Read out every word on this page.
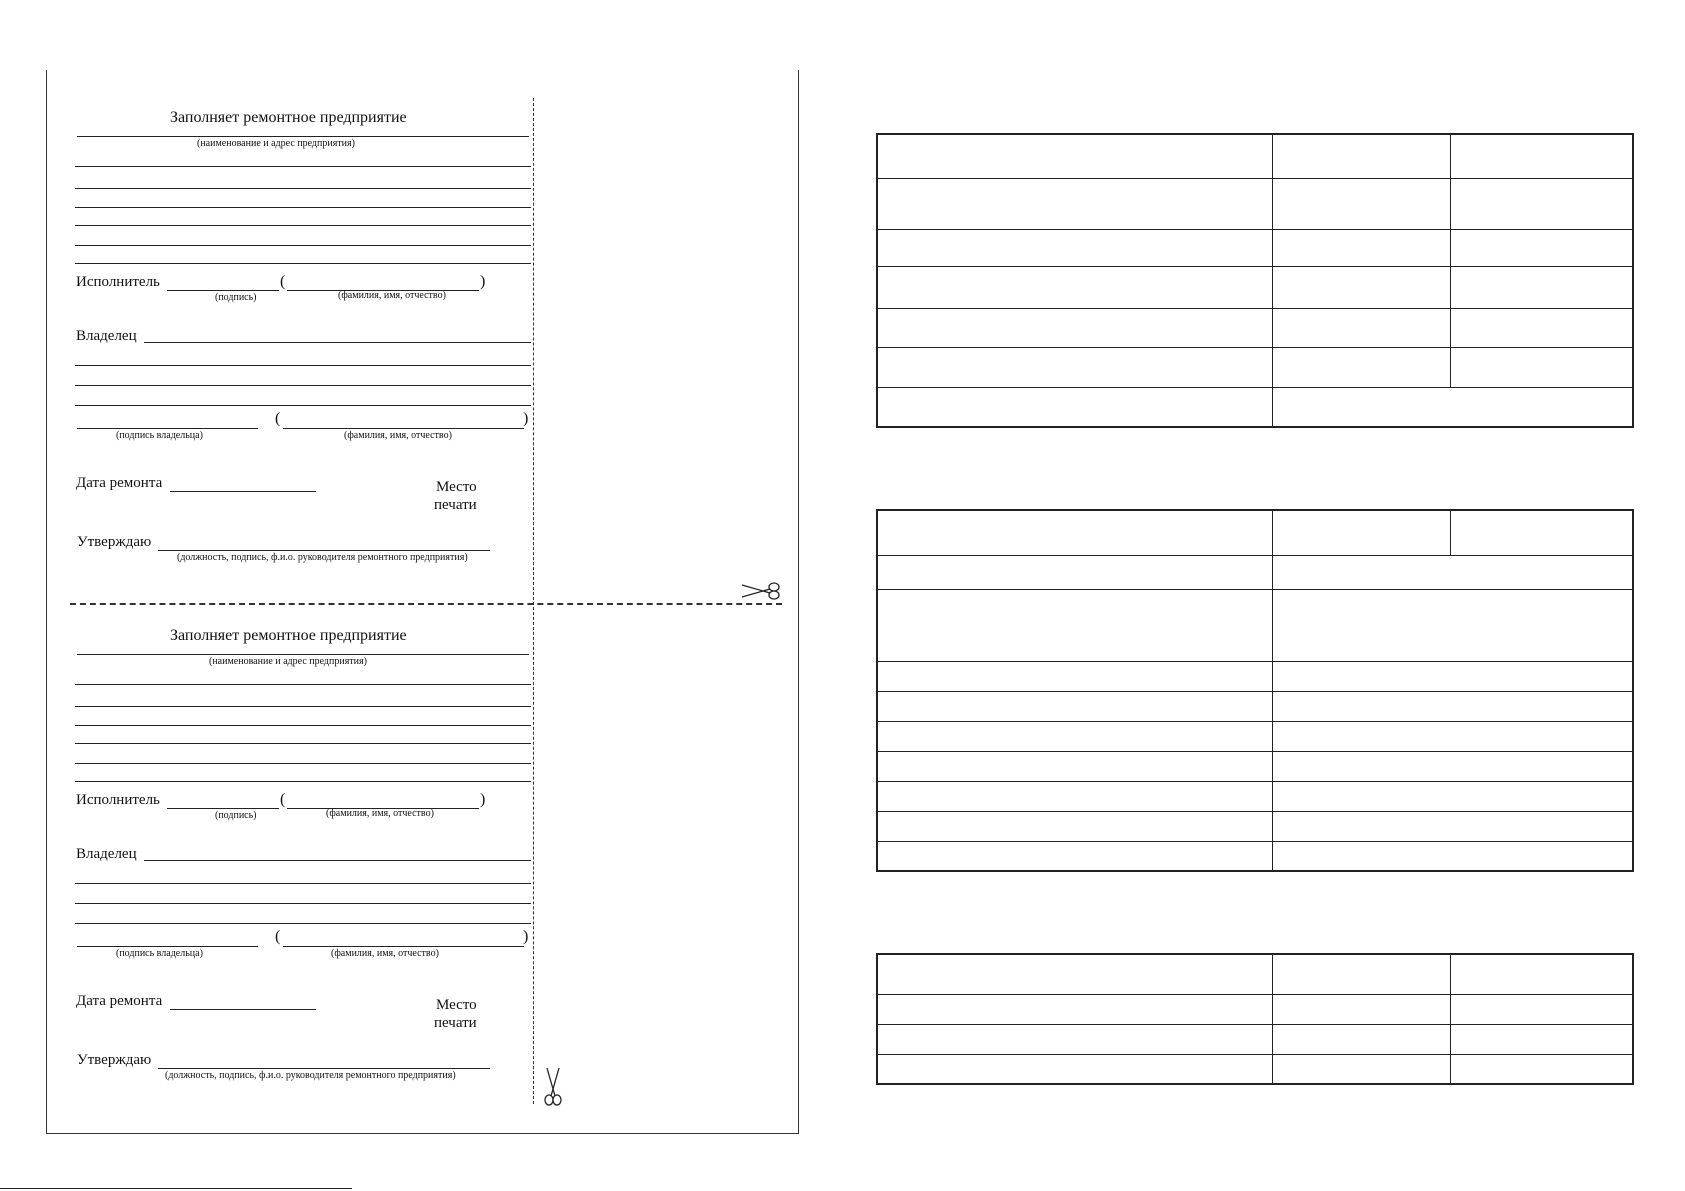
Заполняет ремонтное предприятие
(наименование и адрес предприятия)
Исполнитель	(	)
(подпись)	(фамилия, имя, отчество)
Владелец
(	)
(подпись владельца)	(фамилия, имя, отчество)
Дата ремонта	Место
печати
Утверждаю
(должность, подпись, ф.и.о. руководителя ремонтного предприятия)
Заполняет ремонтное предприятие
(наименование и адрес предприятия)
Исполнитель	(	)
(подпись)	(фамилия, имя, отчество)
Владелец
(	)
(подпись владельца)	(фамилия, имя, отчество)
Дата ремонта	Место
печати
Утверждаю
(должность, подпись, ф.и.о. руководителя ремонтного предприятия)
